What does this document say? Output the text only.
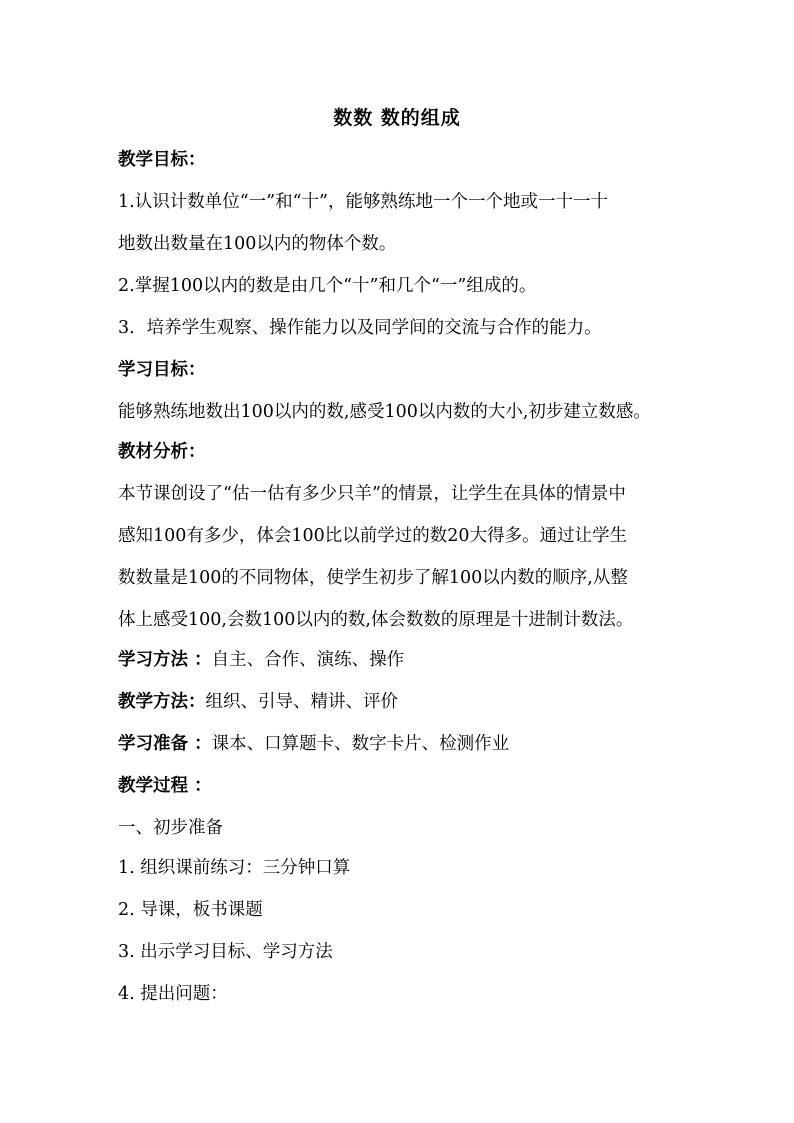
数数 数的组成
教学目标：
1.认识计数单位“一”和“十”，能够熟练地一个一个地或一十一十
地数出数量在100以内的物体个数。
2.掌握100以内的数是由几个“十”和几个“一”组成的。
3．培养学生观察、操作能力以及同学间的交流与合作的能力。
学习目标：
能够熟练地数出100以内的数,感受100以内数的大小,初步建立数感。
教材分析：
本节课创设了“估一估有多少只羊”的情景，让学生在具体的情景中
感知100有多少，体会100比以前学过的数20大得多。通过让学生
数数量是100的不同物体，使学生初步了解100以内数的顺序,从整
体上感受100,会数100以内的数,体会数数的原理是十进制计数法。
学习方法 ：自主、合作、演练、操作
教学方法：组织、引导、精讲、评价
学习准备 ：课本、口算题卡、数字卡片、检测作业
教学过程 ：
一、初步准备
1. 组织课前练习：三分钟口算
2. 导课，板书课题
3. 出示学习目标、学习方法
4. 提出问题：
